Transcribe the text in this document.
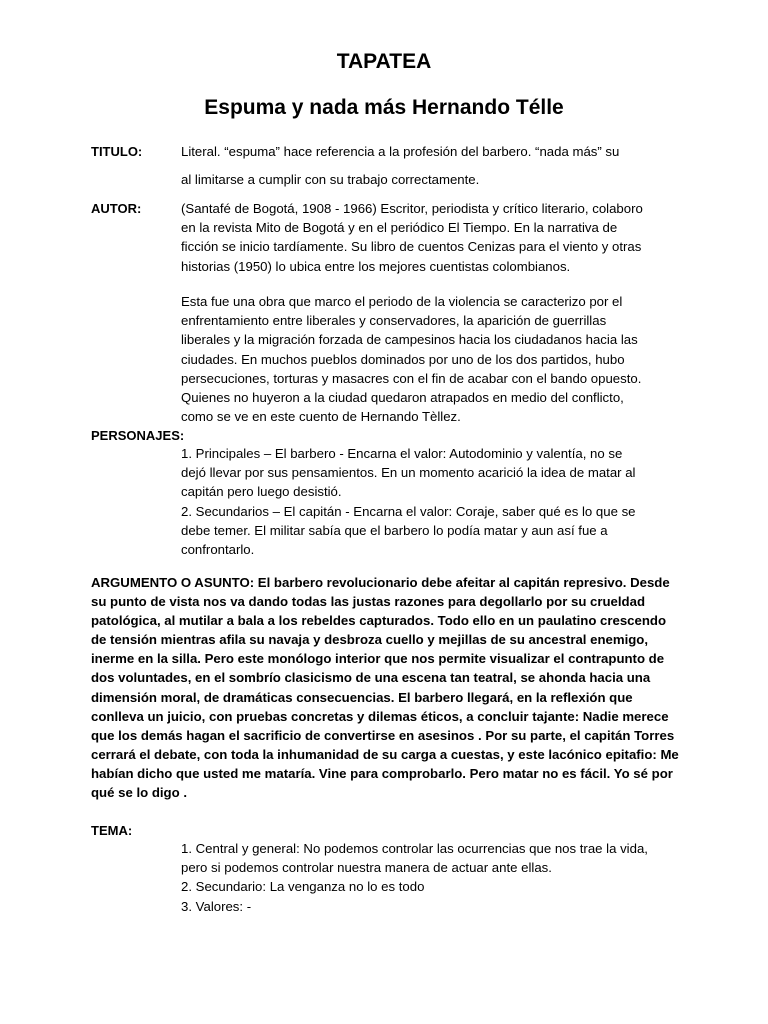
TAPATEA
Espuma y nada más Hernando Télle
TITULO:	Literal. “espuma” hace referencia a la profesión del barbero. “nada más” su
al limitarse a cumplir con su trabajo correctamente.
AUTOR:	(Santafé de Bogotá, 1908 - 1966) Escritor, periodista y crítico literario, colaboro

en la revista Mito de Bogotá y en el periódico El Tiempo. En la narrativa de

ficción se inicio tardíamente. Su libro de cuentos Cenizas para el viento y otras

historias (1950) lo ubica entre los mejores cuentistas colombianos.

Esta fue una obra que marco el periodo de la violencia se caracterizo por el

enfrentamiento entre liberales y conservadores, la aparición de guerrillas

liberales y la migración forzada de campesinos hacia los ciudadanos hacia las

ciudades. En muchos pueblos dominados por uno de los dos partidos, hubo

persecuciones, torturas y masacres con el fin de acabar con el bando opuesto.

Quienes no huyeron a la ciudad quedaron atrapados en medio del conflicto,

como se ve en este cuento de Hernando Tèllez.

PERSONAJES:

1. Principales – El barbero - Encarna el valor: Autodominio y valentía, no se

dejó llevar por sus pensamientos. En un momento acarició la idea de matar al

capitán pero luego desistió.

2. Secundarios – El capitán - Encarna el valor: Coraje, saber qué es lo que se

debe temer. El militar sabía que el barbero lo podía matar y aun así fue a

confrontarlo.

ARGUMENTO O ASUNTO: El barbero revolucionario debe afeitar al capitán represivo. Desde

su punto de vista nos va dando todas las justas razones para degollarlo por su crueldad

patológica, al mutilar a bala a los rebeldes capturados. Todo ello en un paulatino crescendo

de tensión mientras afila su navaja y desbroza cuello y mejillas de su ancestral enemigo,

inerme en la silla. Pero este monólogo interior que nos permite visualizar el contrapunto de

dos voluntades, en el sombrío clasicismo de una escena tan teatral, se ahonda hacia una

dimensión moral, de dramáticas consecuencias. El barbero llegará, en la reflexión que

conlleva un juicio, con pruebas concretas y dilemas éticos, a concluir tajante: Nadie merece

que los demás hagan el sacrificio de convertirse en asesinos . Por su parte, el capitán Torres

cerrará el debate, con toda la inhumanidad de su carga a cuestas, y este lacónico epitafio: Me

habían dicho que usted me mataría. Vine para comprobarlo. Pero matar no es fácil. Yo sé por

qué se lo digo .

TEMA:

1. Central y general: No podemos controlar las ocurrencias que nos trae la vida,

pero si podemos controlar nuestra manera de actuar ante ellas.

2. Secundario: La venganza no lo es todo

3. Valores: -
